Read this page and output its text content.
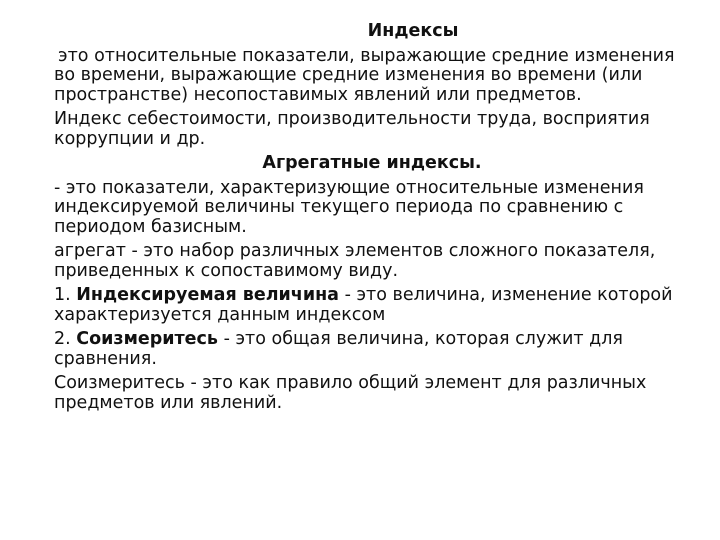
Индексы
это относительные показатели, выражающие средние изменения во времени, выражающие средние изменения во времени (или пространстве) несопоставимых явлений или предметов.
Индекс себестоимости, производительности труда, восприятия коррупции и др.
Агрегатные индексы.
- это показатели, характеризующие относительные изменения индексируемой величины текущего периода по сравнению с периодом базисным.
агрегат - это набор различных элементов сложного показателя, приведенных к сопоставимому виду.
1. Индексируемая величина - это величина, изменение которой характеризуется данным индексом
2. Соизмеритесь - это общая величина, которая служит для сравнения.
Соизмеритесь - это как правило общий элемент для различных предметов или явлений.
